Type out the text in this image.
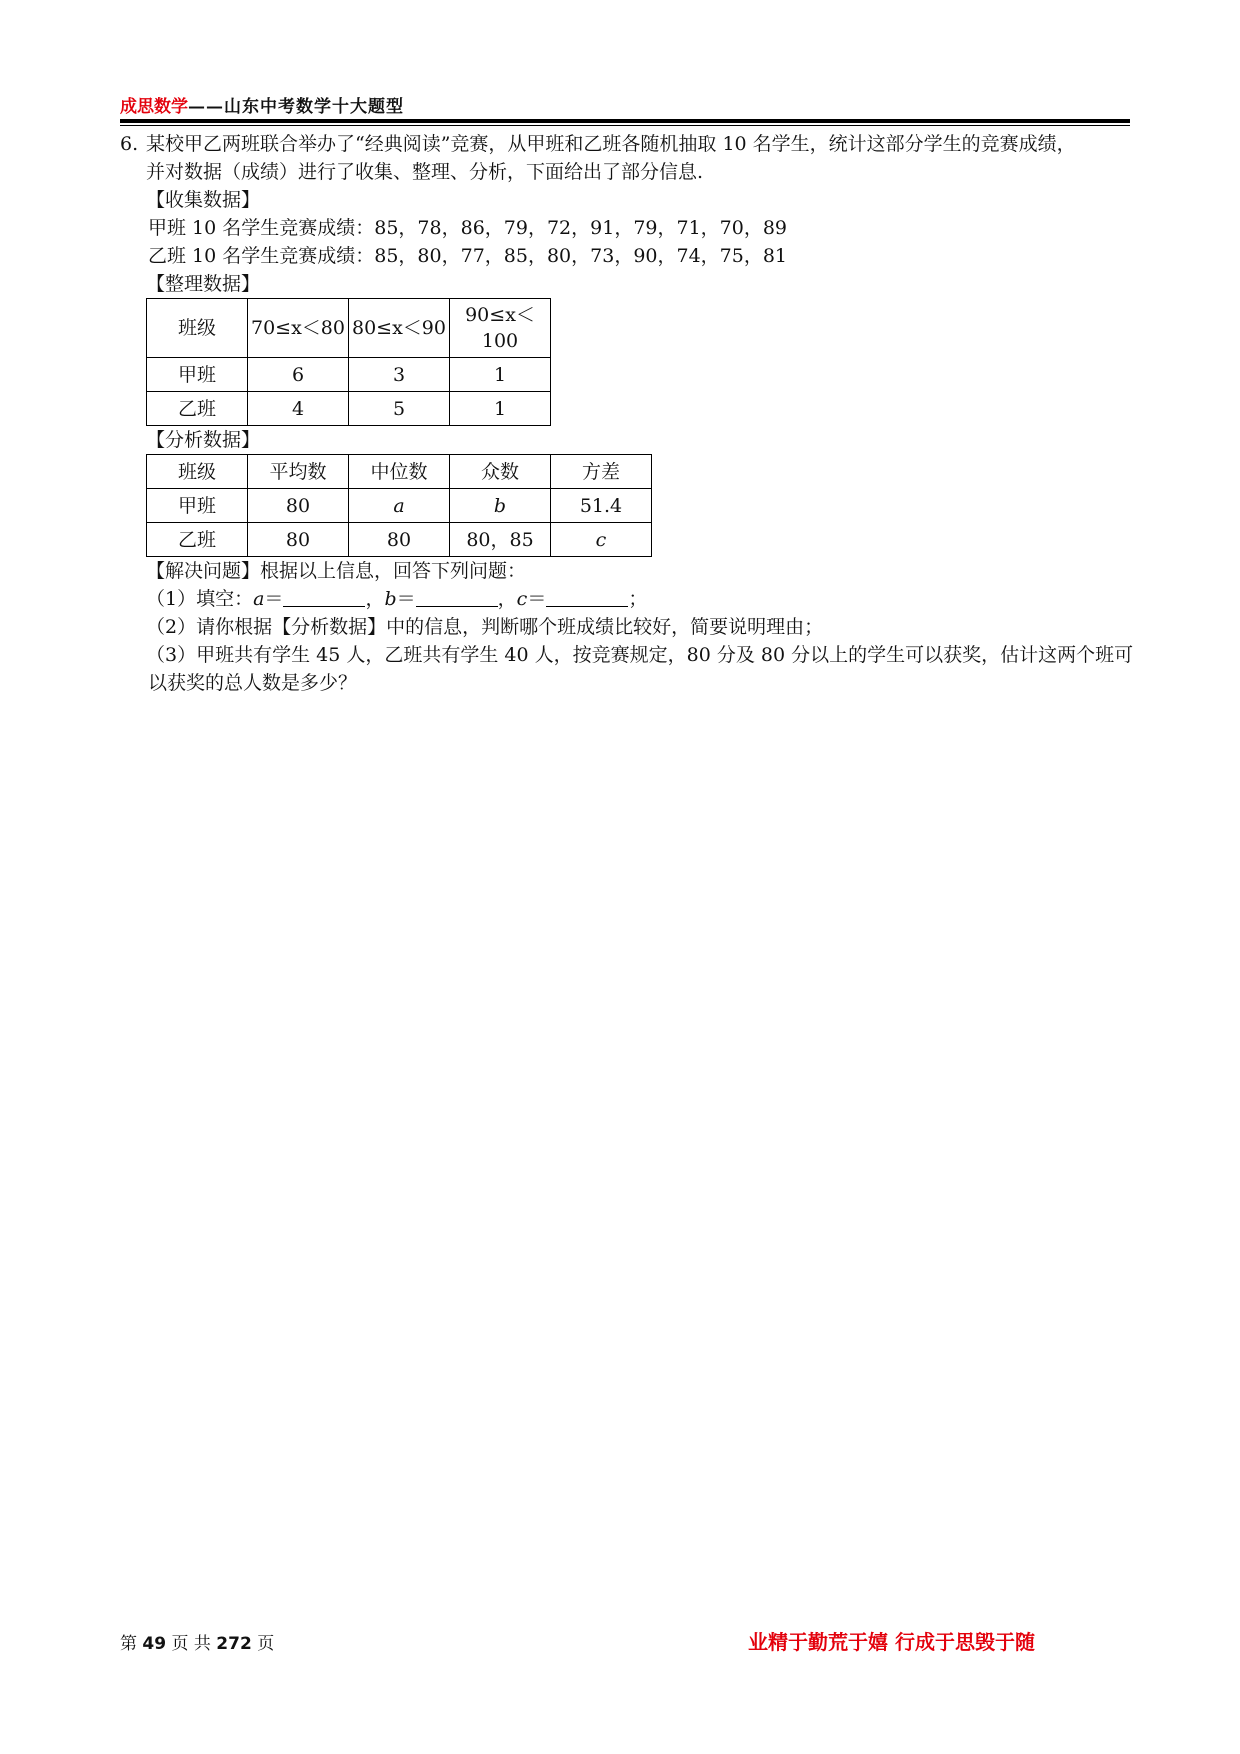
成思数学——山东中考数学十大题型
6. 某校甲乙两班联合举办了“经典阅读”竞赛，从甲班和乙班各随机抽取 10 名学生，统计这部分学生的竞赛成绩，
并对数据（成绩）进行了收集、整理、分析，下面给出了部分信息.
【收集数据】
甲班 10 名学生竞赛成绩：85，78，86，79，72，91，79，71，70，89
乙班 10 名学生竞赛成绩：85，80，77，85，80，73，90，74，75，81
【整理数据】
班级	70≤x＜80	80≤x＜90	90≤x＜100
甲班	6	3	1
乙班	4	5	1
【分析数据】
班级	平均数	中位数	众数	方差
甲班	80	a	b	51.4
乙班	80	80	80，85	c
【解决问题】根据以上信息，回答下列问题：
（1）填空：a＝	，b＝	，c＝	；
（2）请你根据【分析数据】中的信息，判断哪个班成绩比较好，简要说明理由；
（3）甲班共有学生 45 人，乙班共有学生 40 人，按竞赛规定，80 分及 80 分以上的学生可以获奖，估计这两个班可
以获奖的总人数是多少？
第 49 页 共 272 页	业精于勤荒于嬉 行成于思毁于随
